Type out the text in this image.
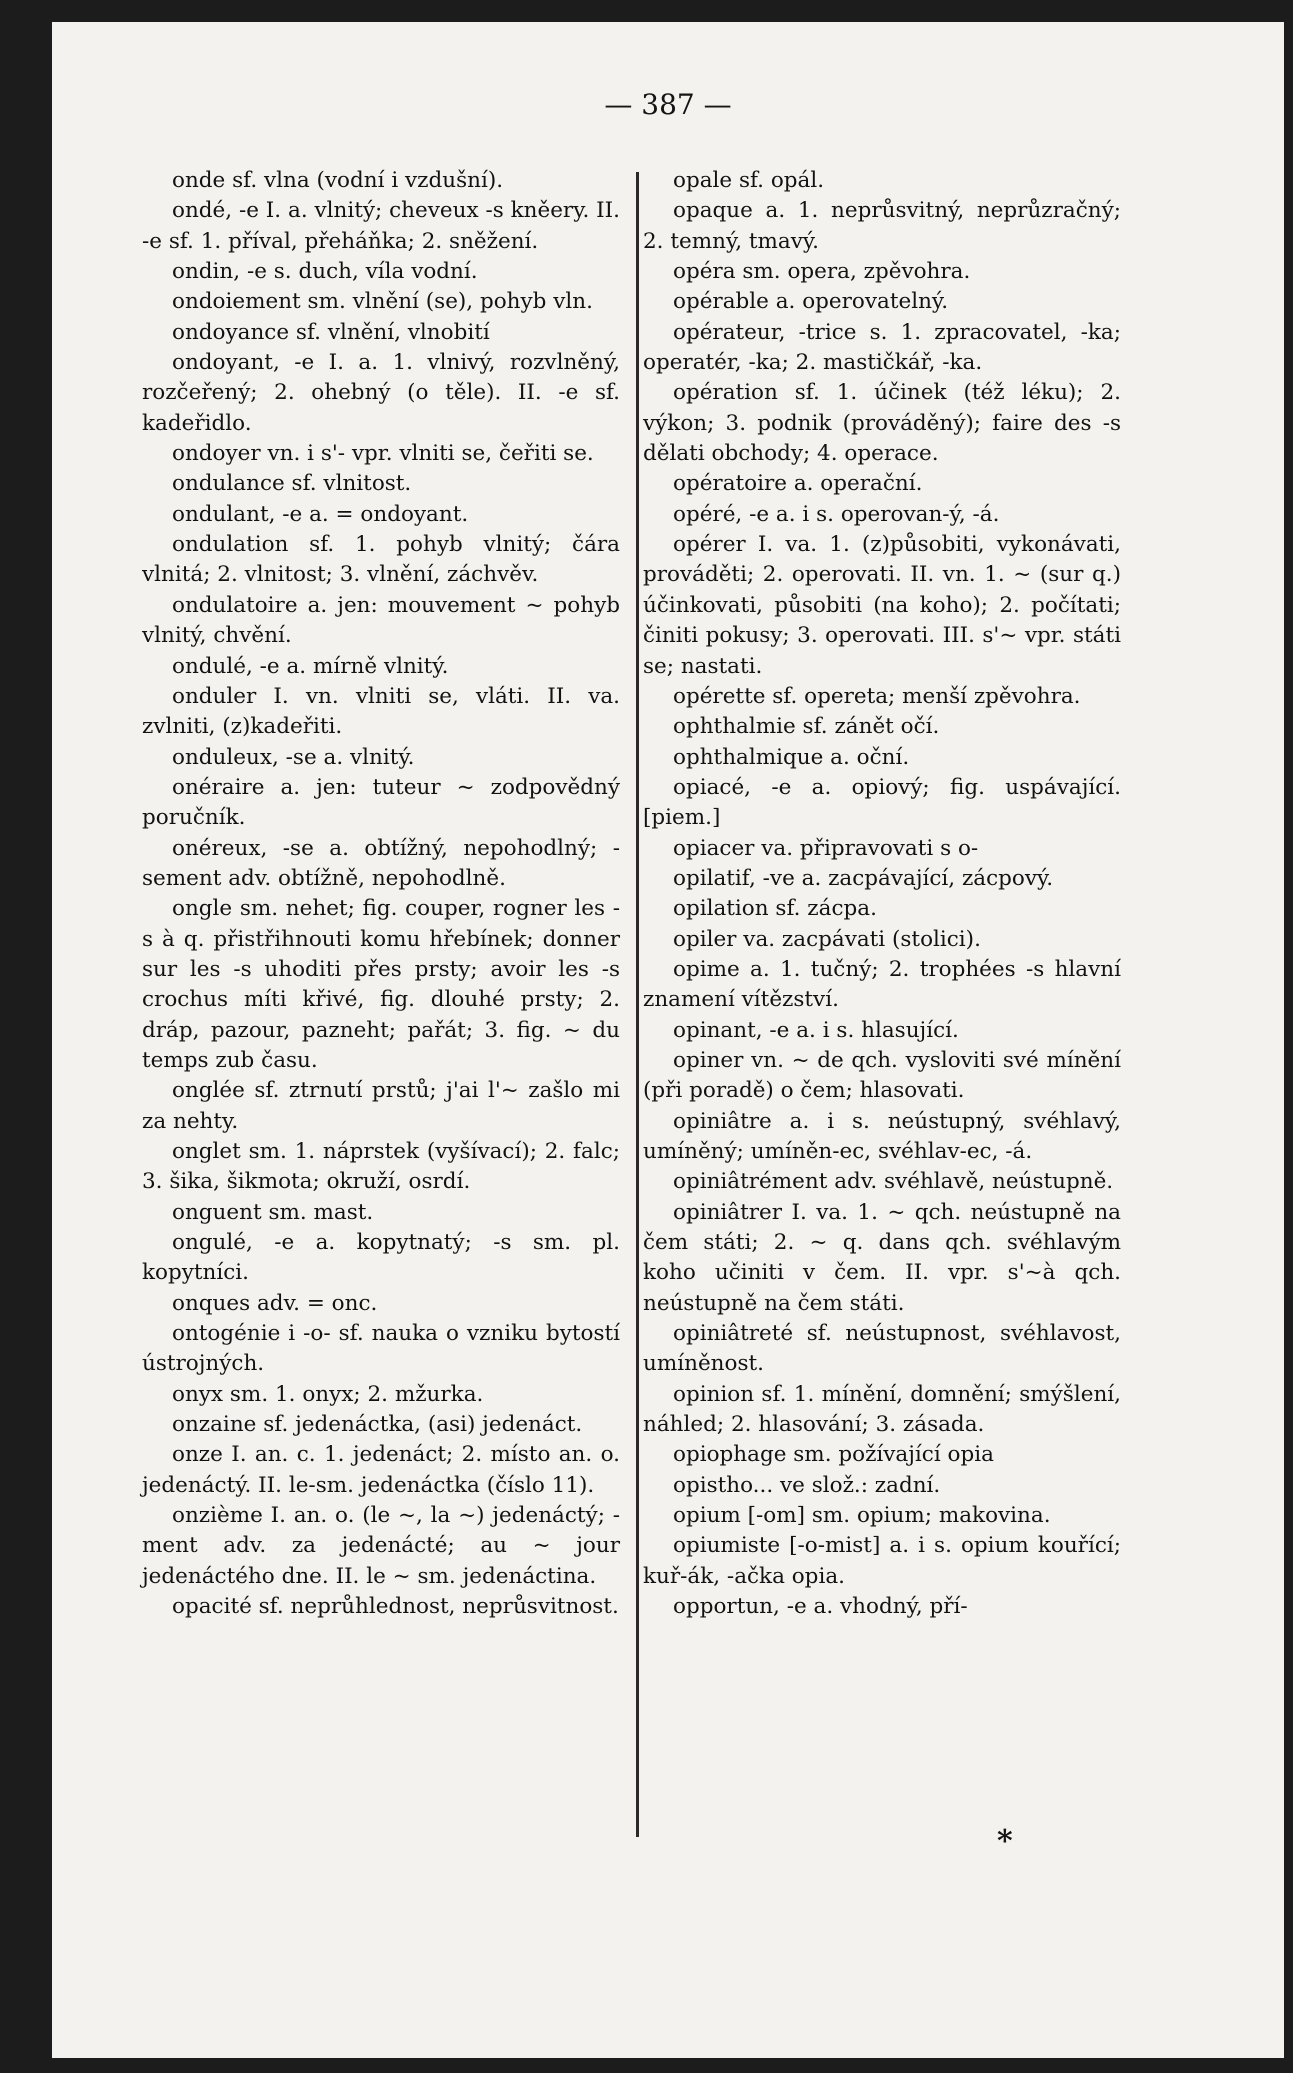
— 387 —

onde sf. vlna (vodní i vzdušní).

ondé, -e I. a. vlnitý; cheveux -s kněery. II. -e sf. 1. příval, přeháňka; 2. sněžení.

ondin, -e s. duch, víla vodní.

ondoiement sm. vlnění (se), pohyb vln.

ondoyance sf. vlnění, vlnobití

ondoyant, -e I. a. 1. vlnivý, rozvlněný, rozčeřený; 2. ohebný (o těle). II. -e sf. kadeřidlo.

ondoyer vn. i s'- vpr. vlniti se, čeřiti se.

ondulance sf. vlnitost.

ondulant, -e a. = ondoyant.

ondulation sf. 1. pohyb vlnitý; čára vlnitá; 2. vlnitost; 3. vlnění, záchvěv.

ondulatoire a. jen: mouvement ~ pohyb vlnitý, chvění.

ondulé, -e a. mírně vlnitý.

onduler I. vn. vlniti se, vláti. II. va. zvlniti, (z)kadeřiti.

onduleux, -se a. vlnitý.

onéraire a. jen: tuteur ~ zodpovědný poručník.

onéreux, -se a. obtížný, nepohodlný; -sement adv. obtížně, nepohodlně.

ongle sm. nehet; fig. couper, rogner les -s à q. přistřihnouti komu hřebínek; donner sur les -s uhoditi přes prsty; avoir les -s crochus míti křivé, fig. dlouhé prsty; 2. dráp, pazour, pazneht; pařát; 3. fig. ~ du temps zub času.

onglée sf. ztrnutí prstů; j'ai l'~ zašlo mi za nehty.

onglet sm. 1. náprstek (vyšívací); 2. falc; 3. šika, šikmota; okruží, osrdí.

onguent sm. mast.

ongulé, -e a. kopytnatý; -s sm. pl. kopytníci.

onques adv. = onc.

ontogénie i -o- sf. nauka o vzniku bytostí ústrojných.

onyx sm. 1. onyx; 2. mžurka.

onzaine sf. jedenáctka, (asi) jedenáct.

onze I. an. c. 1. jedenáct; 2. místo an. o. jedenáctý. II. le-sm. jedenáctka (číslo 11).

onzième I. an. o. (le ~, la ~) jedenáctý; -ment adv. za jedenácté; au ~ jour jedenáctého dne. II. le ~ sm. jedenáctina.

opacité sf. neprůhlednost, neprůsvitnost.

opale sf. opál.

opaque a. 1. neprůsvitný, neprůzračný; 2. temný, tmavý.

opéra sm. opera, zpěvohra.

opérable a. operovatelný.

opérateur, -trice s. 1. zpracovatel, -ka; operatér, -ka; 2. mastičkář, -ka.

opération sf. 1. účinek (též léku); 2. výkon; 3. podnik (prováděný); faire des -s dělati obchody; 4. operace.

opératoire a. operační.

opéré, -e a. i s. operovan-ý, -á.

opérer I. va. 1. (z)působiti, vykonávati, prováděti; 2. operovati. II. vn. 1. ~ (sur q.) účinkovati, působiti (na koho); 2. počítati; činiti pokusy; 3. operovati. III. s'~ vpr. státi se; nastati.

opérette sf. opereta; menší zpěvohra.

ophthalmie sf. zánět očí.

ophthalmique a. oční.

opiacé, -e a. opiový; fig. uspávající. [piem.]

opiacer va. připravovati s o-

opilatif, -ve a. zacpávající, zácpový.

opilation sf. zácpa.

opiler va. zacpávati (stolici).

opime a. 1. tučný; 2. trophées -s hlavní znamení vítězství.

opinant, -e a. i s. hlasující.

opiner vn. ~ de qch. vysloviti své mínění (při poradě) o čem; hlasovati.

opiniâtre a. i s. neústupný, svéhlavý, umíněný; umíněn-ec, svéhlav-ec, -á.

opiniâtrément adv. svéhlavě, neústupně.

opiniâtrer I. va. 1. ~ qch. neústupně na čem státi; 2. ~ q. dans qch. svéhlavým koho učiniti v čem. II. vpr. s'~à qch. neústupně na čem státi.

opiniâtreté sf. neústupnost, svéhlavost, umíněnost.

opinion sf. 1. mínění, domnění; smýšlení, náhled; 2. hlasování; 3. zásada.

opiophage sm. požívající opia

opistho... ve slož.: zadní.

opium [-om] sm. opium; makovina.

opiumiste [-o-mist] a. i s. opium kouřící; kuř-ák, -ačka opia.

opportun, -e a. vhodný, pří-

*
